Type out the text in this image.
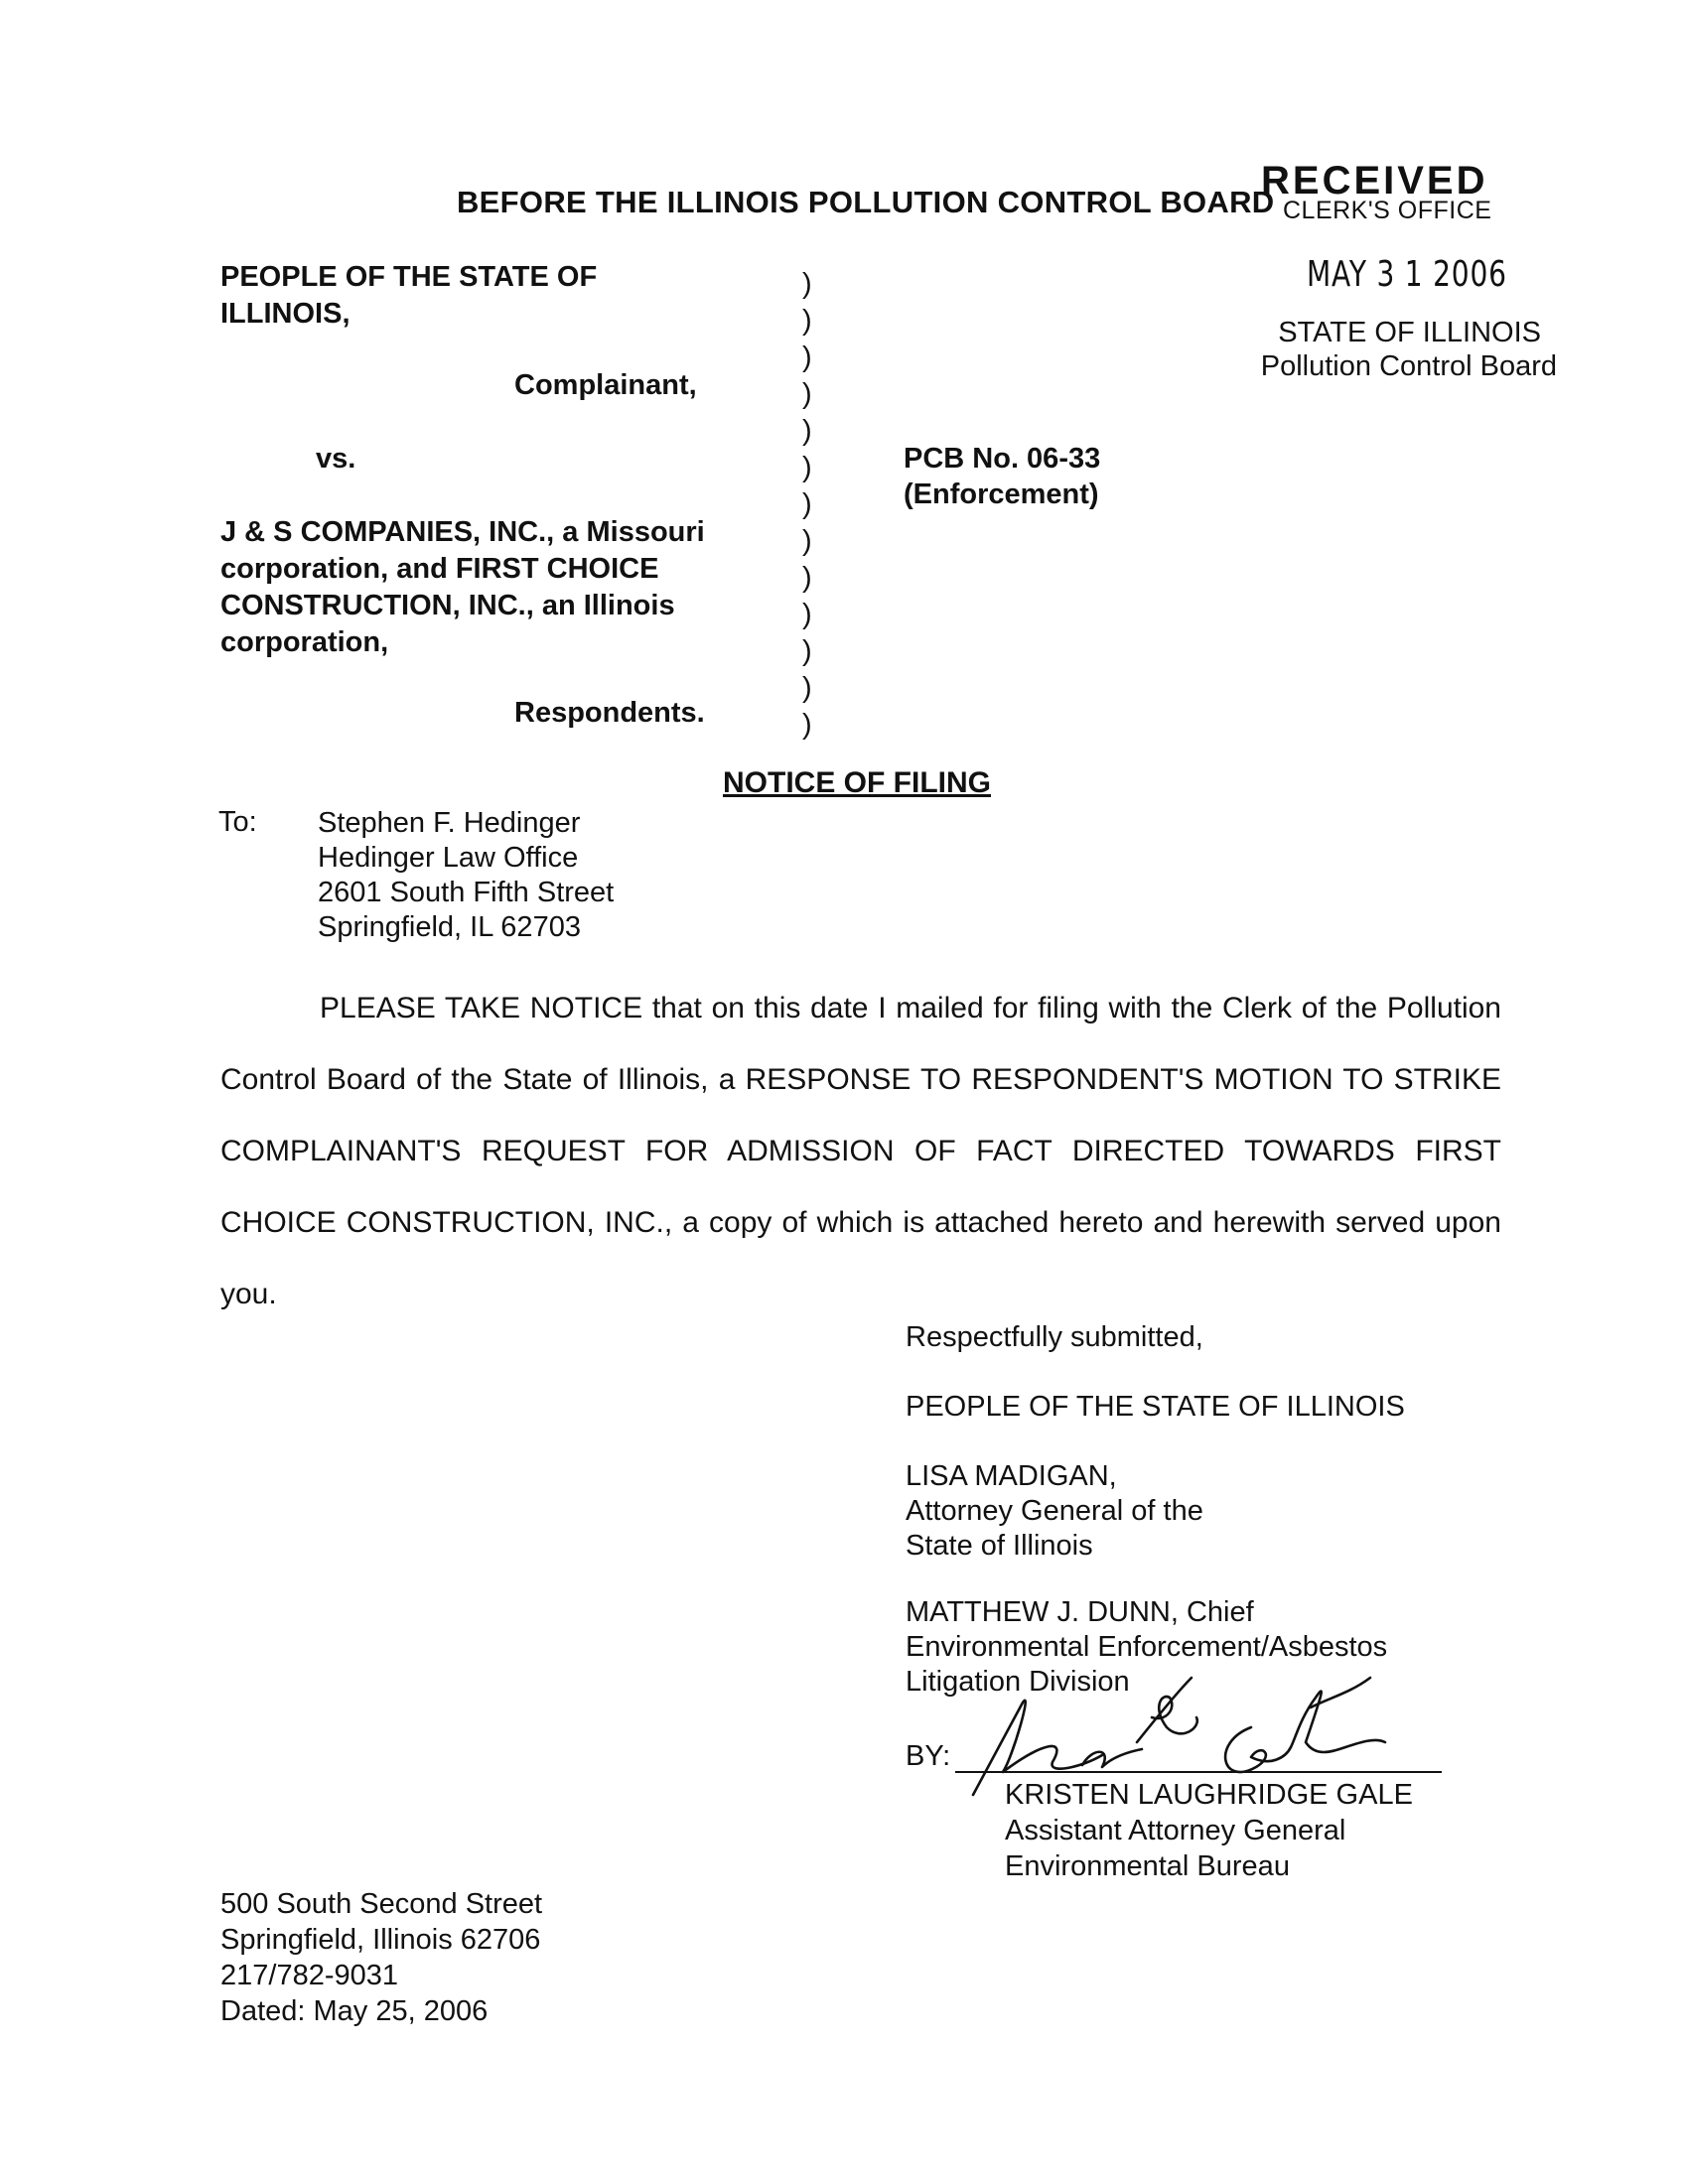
BEFORE THE ILLINOIS POLLUTION CONTROL BOARD
RECEIVED
CLERK'S OFFICE
MAY 3 1 2006
STATE OF ILLINOIS
Pollution Control Board
PEOPLE OF THE STATE OF
ILLINOIS,
Complainant,
vs.
J & S COMPANIES, INC., a Missouri
corporation, and FIRST CHOICE
CONSTRUCTION, INC., an Illinois
corporation,
Respondents.
)
)
)
)
)
)
)
)
)
)
)
)
)
PCB No. 06-33
(Enforcement)
NOTICE OF FILING
To: Stephen F. Hedinger
Hedinger Law Office
2601 South Fifth Street
Springfield, IL 62703
PLEASE TAKE NOTICE that on this date I mailed for filing with the Clerk of the Pollution Control Board of the State of Illinois, a RESPONSE TO RESPONDENT'S MOTION TO STRIKE COMPLAINANT'S REQUEST FOR ADMISSION OF FACT DIRECTED TOWARDS FIRST CHOICE CONSTRUCTION, INC., a copy of which is attached hereto and herewith served upon you.
Respectfully submitted,
PEOPLE OF THE STATE OF ILLINOIS
LISA MADIGAN,
Attorney General of the
State of Illinois
MATTHEW J. DUNN, Chief
Environmental Enforcement/Asbestos
Litigation Division
BY:
KRISTEN LAUGHRIDGE GALE
Assistant Attorney General
Environmental Bureau
500 South Second Street
Springfield, Illinois 62706
217/782-9031
Dated: May 25, 2006
